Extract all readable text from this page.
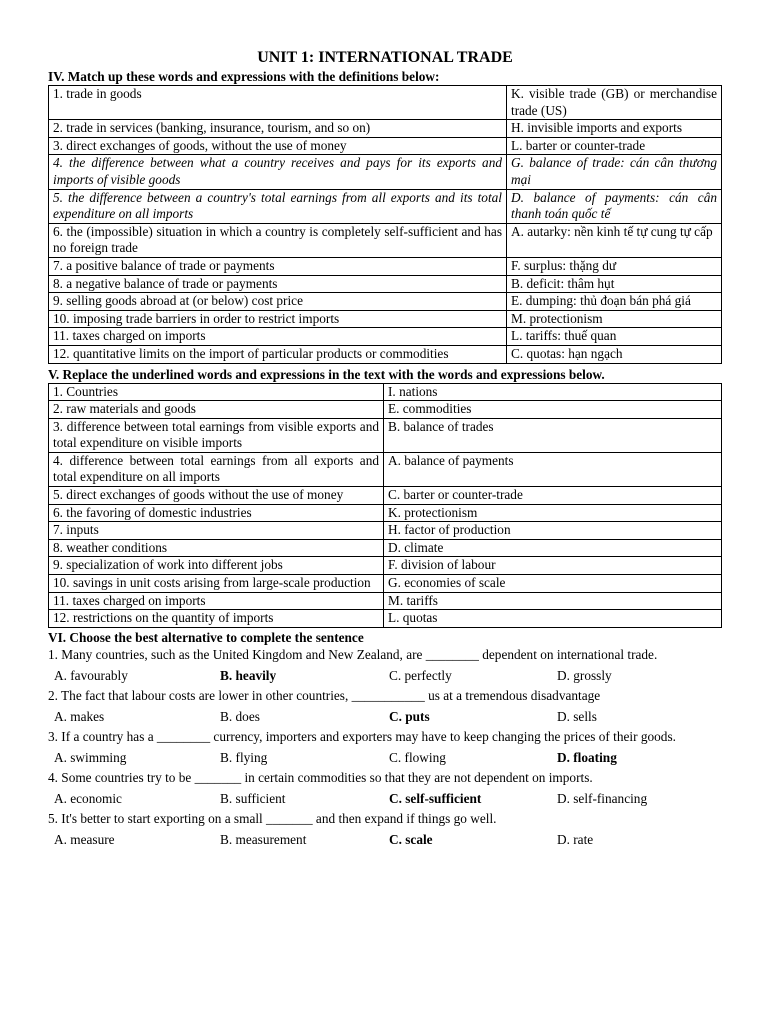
UNIT 1: INTERNATIONAL TRADE

IV. Match up these words and expressions with the definitions below:

1. trade in goods	K. visible trade (GB) or merchandise trade (US)
2. trade in services (banking, insurance, tourism, and so on)	H. invisible imports and exports
3. direct exchanges of goods, without the use of money	L. barter or counter-trade
4. the difference between what a country receives and pays for its exports and imports of visible goods	G. balance of trade: cán cân thương mại
5. the difference between a country's total earnings from all exports and its total expenditure on all imports	D. balance of payments: cán cân thanh toán quốc tế
6. the (impossible) situation in which a country is completely self-sufficient and has no foreign trade	A. autarky: nền kinh tế tự cung tự cấp
7. a positive balance of trade or payments	F. surplus: thặng dư
8. a negative balance of trade or payments	B. deficit: thâm hụt
9. selling goods abroad at (or below) cost price	E. dumping: thủ đoạn bán phá giá
10. imposing trade barriers in order to restrict imports	M. protectionism
11. taxes charged on imports	L. tariffs: thuế quan
12. quantitative limits on the import of particular products or commodities	C. quotas: hạn ngạch

V. Replace the underlined words and expressions in the text with the words and expressions below.

1. Countries	I. nations
2. raw materials and goods	E. commodities
3. difference between total earnings from visible exports and total expenditure on visible imports	B. balance of trades
4. difference between total earnings from all exports and total expenditure on all imports	A. balance of payments
5. direct exchanges of goods without the use of money	C. barter or counter-trade
6. the favoring of domestic industries	K. protectionism
7. inputs	H. factor of production
8. weather conditions	D. climate
9. specialization of work into different jobs	F. division of labour
10. savings in unit costs arising from large-scale production	G. economies of scale
11. taxes charged on imports	M. tariffs
12. restrictions on the quantity of imports	L. quotas

VI. Choose the best alternative to complete the sentence

1. Many countries, such as the United Kingdom and New Zealand, are ________ dependent on international trade.

A. favourably	B. heavily	C. perfectly	D. grossly

2. The fact that labour costs are lower in other countries, ___________ us at a tremendous disadvantage

A. makes	B. does	C. puts	D. sells

3. If a country has a ________ currency, importers and exporters may have to keep changing the prices of their goods.

A. swimming	B. flying	C. flowing	D. floating

4. Some countries try to be _______ in certain commodities so that they are not dependent on imports.

A. economic	B. sufficient	C. self-sufficient	D. self-financing

5. It's better to start exporting on a small _______ and then expand if things go well.

A. measure	B. measurement	C. scale	D. rate
